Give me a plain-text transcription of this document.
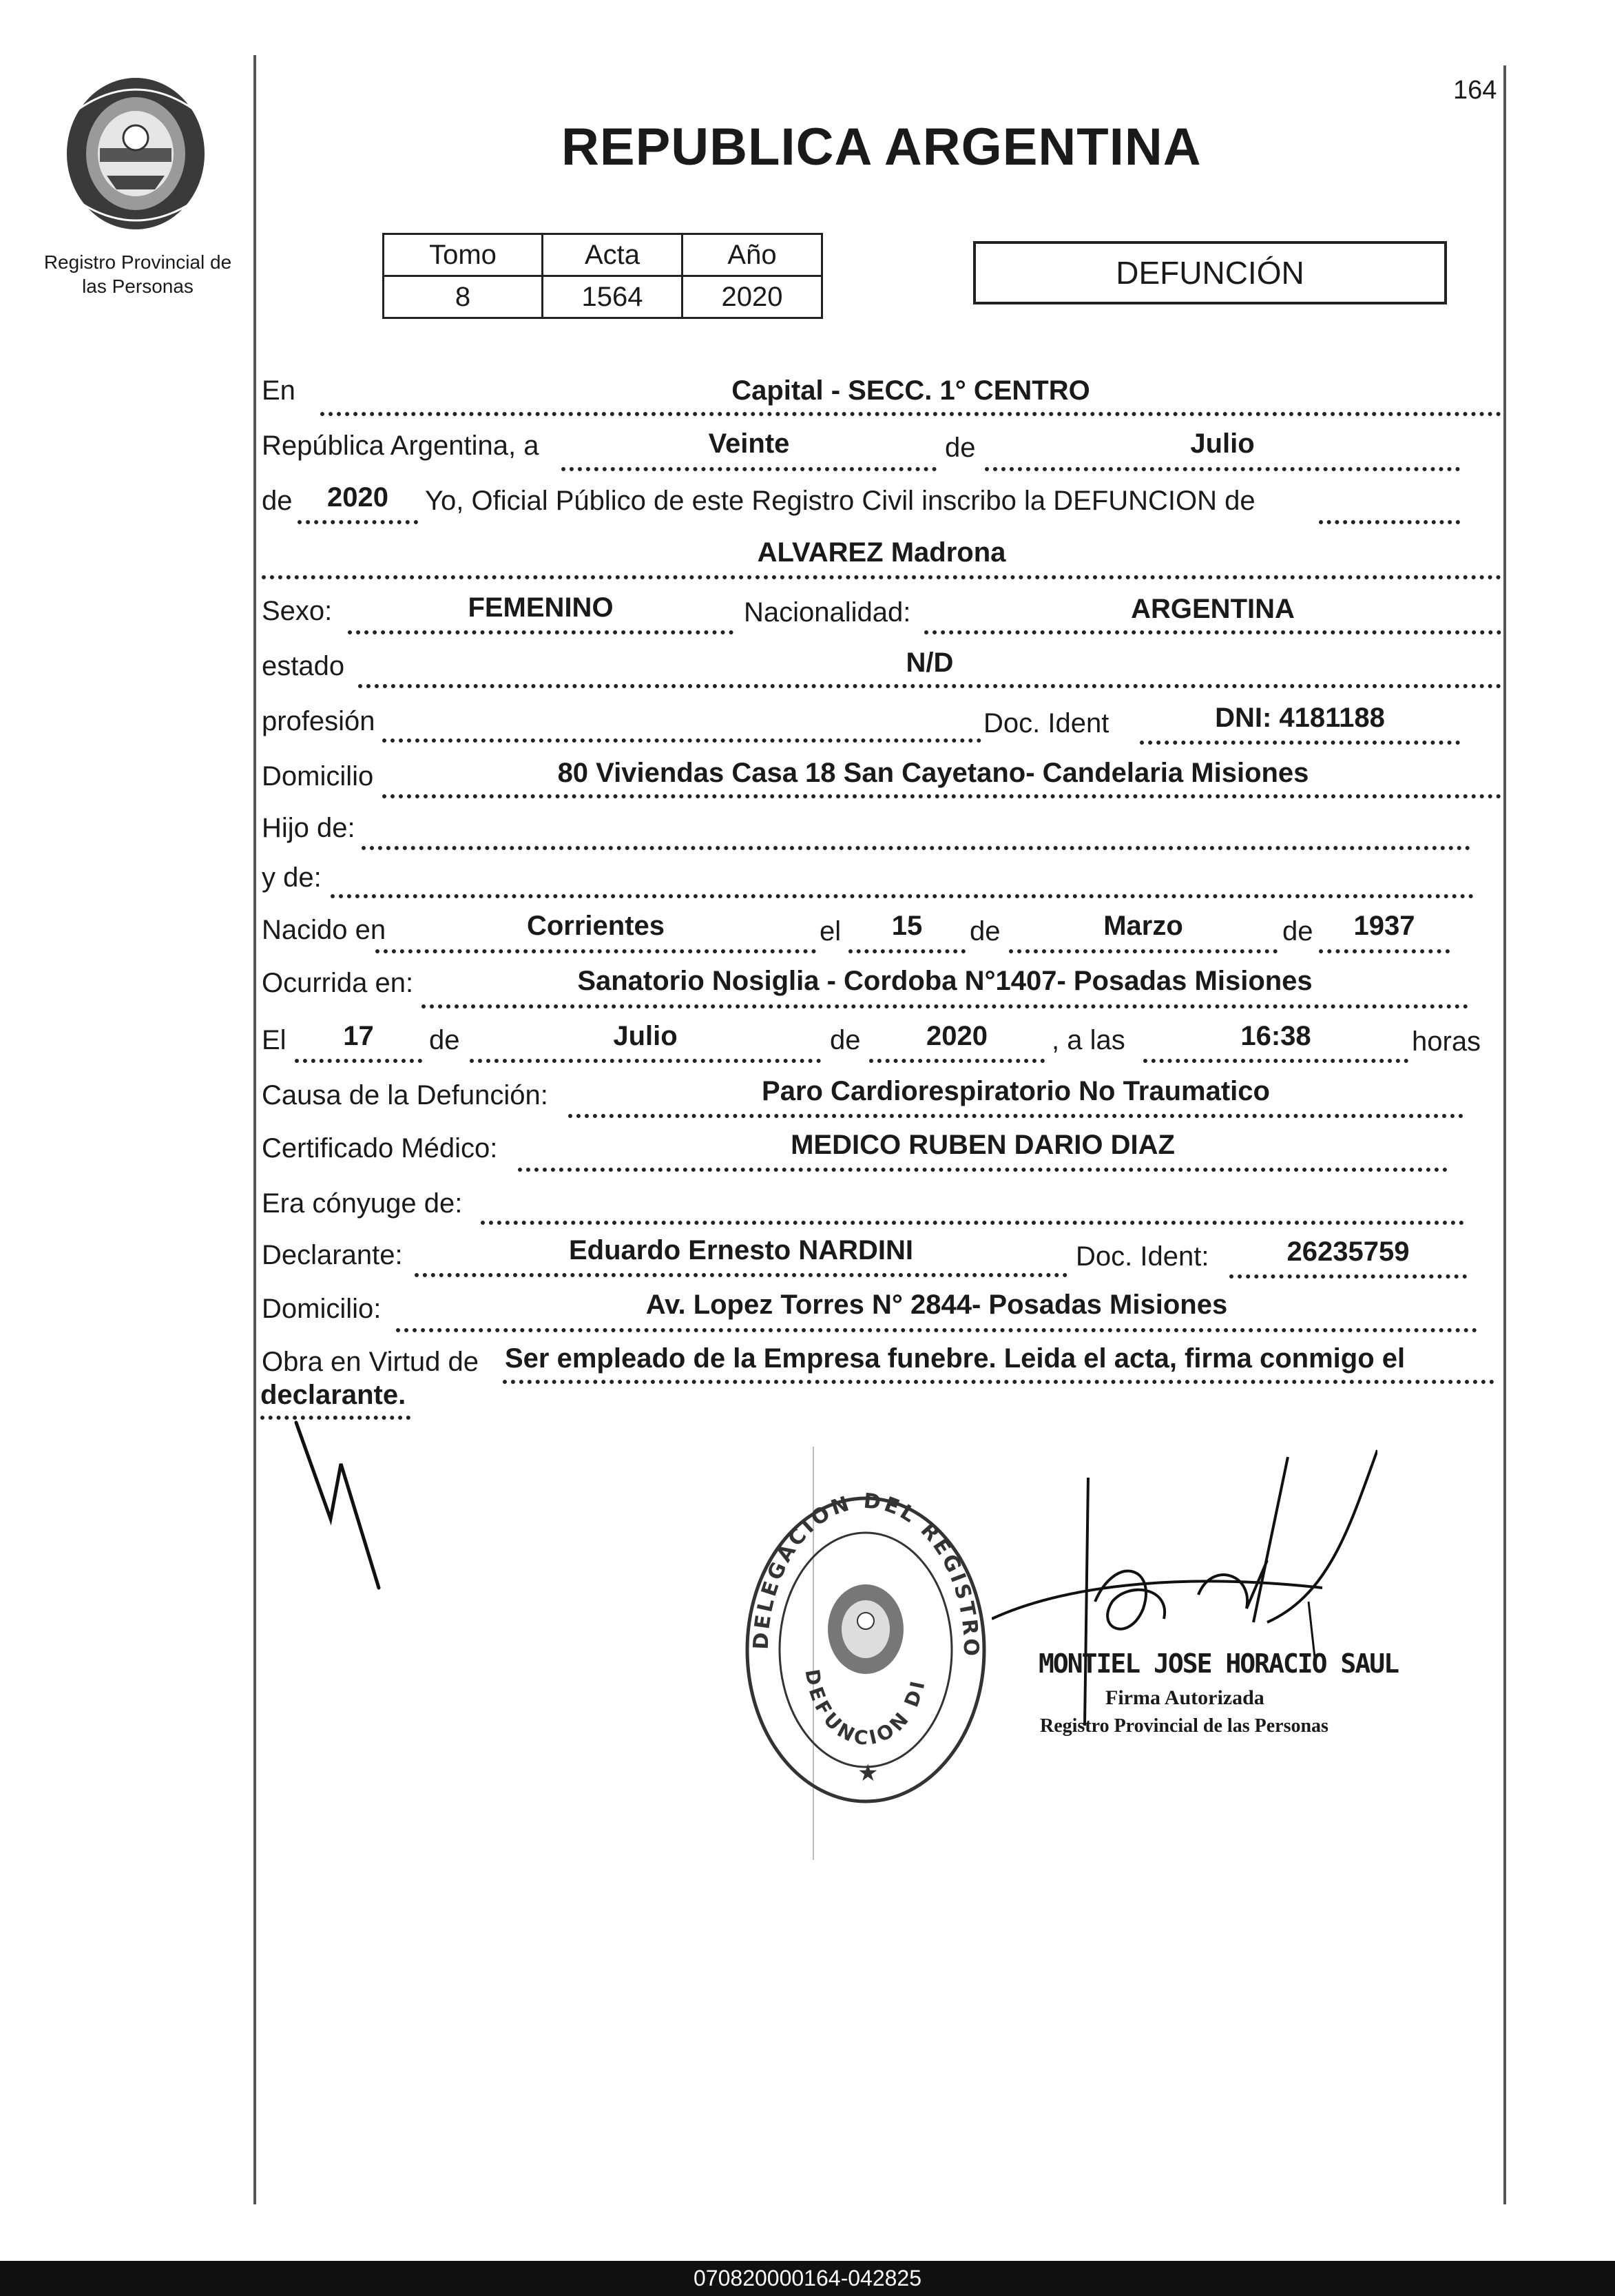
164
Registro Provincial de
las Personas
REPUBLICA ARGENTINA
Tomo	Acta	Año
8	1564	2020
DEFUNCIÓN
En	Capital - SECC. 1° CENTRO
República Argentina, a	Veinte	de	Julio
de	2020	Yo, Oficial Público de este Registro Civil inscribo la DEFUNCION de
ALVAREZ Madrona
Sexo:	FEMENINO	Nacionalidad:	ARGENTINA
estado	N/D
profesión	Doc. Ident	DNI: 4181188
Domicilio	80 Viviendas Casa 18 San Cayetano- Candelaria Misiones
Hijo de:
y de:
Nacido en	Corrientes	el	15	de	Marzo	de	1937
Ocurrida en:	Sanatorio Nosiglia - Cordoba N°1407- Posadas Misiones
El	17	de	Julio	de	2020	, a las	16:38	horas
Causa de la Defunción:	Paro Cardiorespiratorio No Traumatico
Certificado Médico:	MEDICO RUBEN DARIO DIAZ
Era cónyuge de:
Declarante:	Eduardo Ernesto NARDINI	Doc. Ident:	26235759
Domicilio:	Av. Lopez Torres N° 2844- Posadas Misiones
Obra en Virtud de Ser empleado de la Empresa funebre. Leida el acta, firma conmigo el
declarante.
DELEGACION DEL REGISTRO
DEFUNCION DI
★
MONTIEL JOSE HORACIO SAUL
Firma Autorizada
Registro Provincial de las Personas
070820000164-042825
